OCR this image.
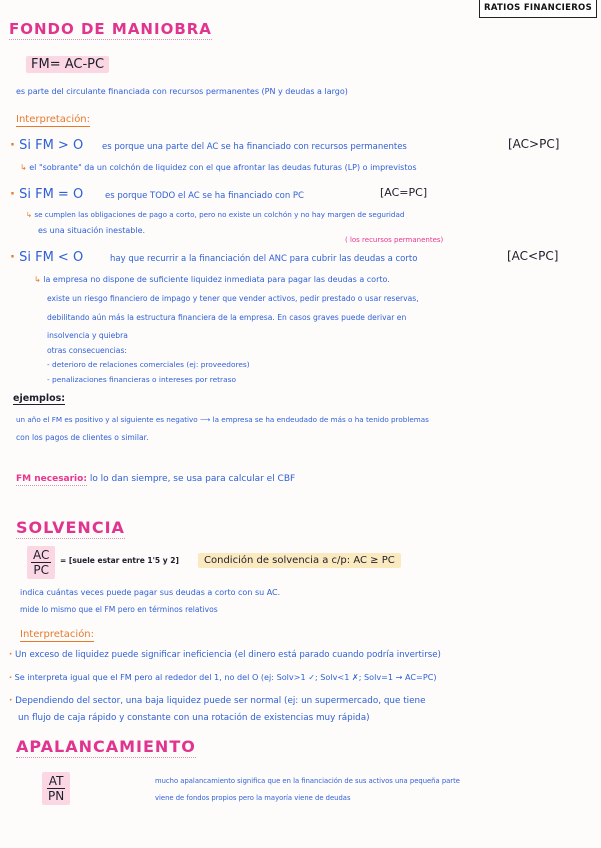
RATIOS FINANCIEROS
FONDO DE MANIOBRA
FM= AC-PC
es parte del circulante financiada con recursos permanentes (PN y deudas a largo)
Interpretación:
· Si FM > O es porque una parte del AC se ha financiado con recursos permanentes	[AC>PC]
↳ el "sobrante" da un colchón de liquidez con el que afrontar las deudas futuras (LP) o imprevistos
· Si FM = O	es porque TODO el AC se ha financiado con PC	[AC=PC]
↳ se cumplen las obligaciones de pago a corto, pero no existe un colchón y no hay margen de seguridad
es una situación inestable.
( los recursos permanentes)
· Si FM < O	hay que recurrir a la financiación del ANC para cubrir las deudas a corto	[AC<PC]
↳ la empresa no dispone de suficiente liquidez inmediata para pagar las deudas a corto.
existe un riesgo financiero de impago y tener que vender activos, pedir prestado o usar reservas,
debilitando aún más la estructura financiera de la empresa. En casos graves puede derivar en
insolvencia y quiebra
otras consecuencias:
- deterioro de relaciones comerciales (ej: proveedores)
- penalizaciones financieras o intereses por retraso
ejemplos:
un año el FM es positivo y al siguiente es negativo ⟶ la empresa se ha endeudado de más o ha tenido problemas
con los pagos de clientes o similar.
FM necesario: lo lo dan siempre, se usa para calcular el CBF
SOLVENCIA
$\frac{AC}{PC}$ = [suele estar entre 1'5 y 2]	Condición de solvencia a c/p: AC ≥ PC
indica cuántas veces puede pagar sus deudas a corto con su AC.
mide lo mismo que el FM pero en términos relativos
Interpretación:
· Un exceso de liquidez puede significar ineficiencia (el dinero está parado cuando podría invertirse)
· Se interpreta igual que el FM pero al rededor del 1, no del O (ej: Solv>1 ✓; Solv<1 ✗; Solv=1 → AC=PC)
· Dependiendo del sector, una baja liquidez puede ser normal (ej: un supermercado, que tiene
un flujo de caja rápido y constante con una rotación de existencias muy rápida)
APALANCAMIENTO
$\frac{AT}{PN}$	mucho apalancamiento significa que en la financiación de sus activos una pequeña parte
viene de fondos propios pero la mayoría viene de deudas
